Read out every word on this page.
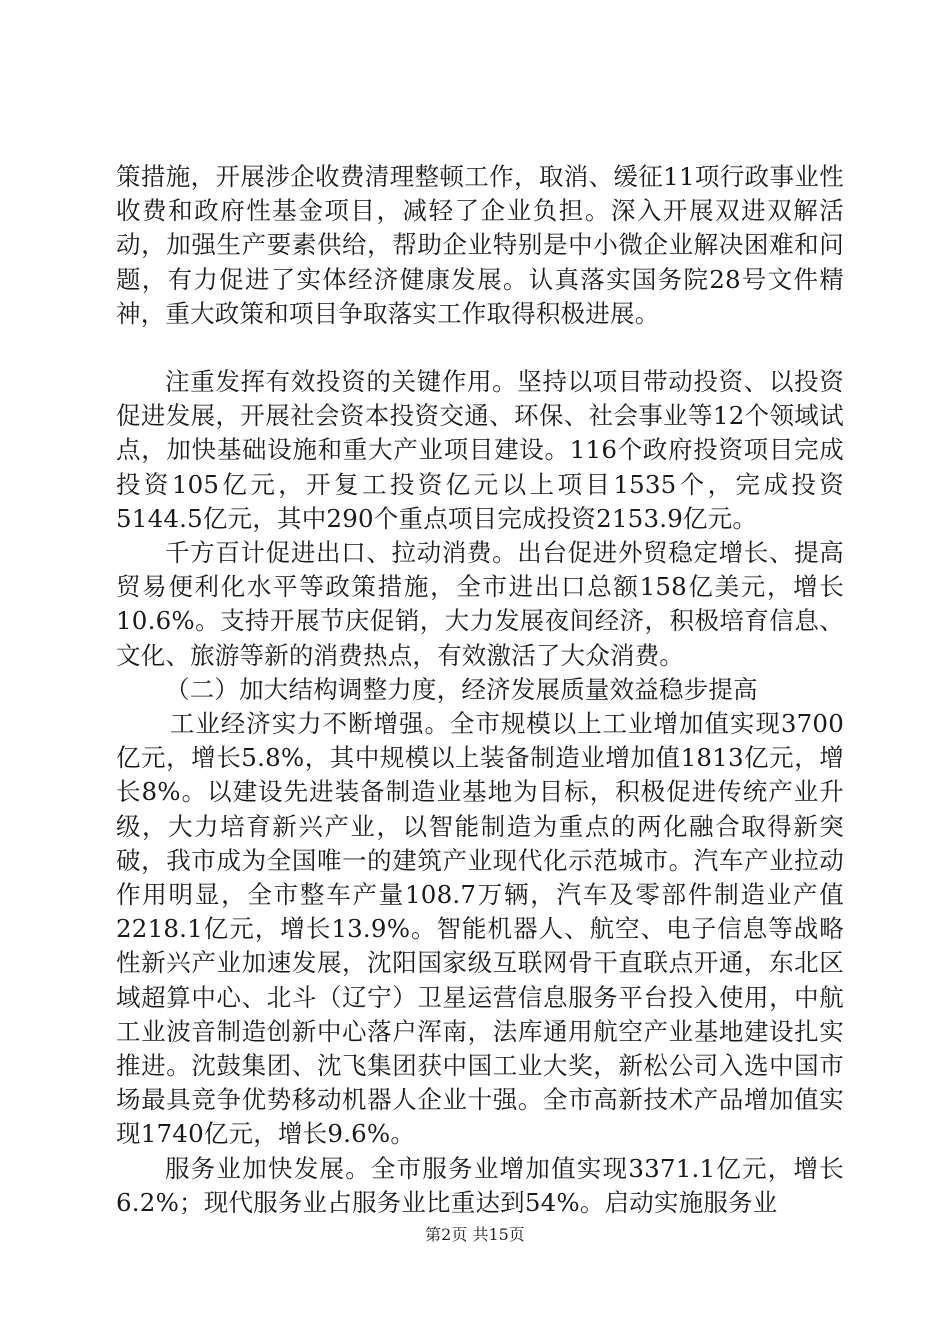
策措施，开展涉企收费清理整顿工作，取消、缓征11项行政事业性收费和政府性基金项目，减轻了企业负担。深入开展双进双解活动，加强生产要素供给，帮助企业特别是中小微企业解决困难和问题，有力促进了实体经济健康发展。认真落实国务院28号文件精神，重大政策和项目争取落实工作取得积极进展。

注重发挥有效投资的关键作用。坚持以项目带动投资、以投资促进发展，开展社会资本投资交通、环保、社会事业等12个领域试点，加快基础设施和重大产业项目建设。116个政府投资项目完成投资105亿元，开复工投资亿元以上项目1535个，完成投资5144.5亿元，其中290个重点项目完成投资2153.9亿元。

千方百计促进出口、拉动消费。出台促进外贸稳定增长、提高贸易便利化水平等政策措施，全市进出口总额158亿美元，增长10.6%。支持开展节庆促销，大力发展夜间经济，积极培育信息、文化、旅游等新的消费热点，有效激活了大众消费。

（二）加大结构调整力度，经济发展质量效益稳步提高

工业经济实力不断增强。全市规模以上工业增加值实现3700亿元，增长5.8%，其中规模以上装备制造业增加值1813亿元，增长8%。以建设先进装备制造业基地为目标，积极促进传统产业升级，大力培育新兴产业，以智能制造为重点的两化融合取得新突破，我市成为全国唯一的建筑产业现代化示范城市。汽车产业拉动作用明显，全市整车产量108.7万辆，汽车及零部件制造业产值2218.1亿元，增长13.9%。智能机器人、航空、电子信息等战略性新兴产业加速发展，沈阳国家级互联网骨干直联点开通，东北区域超算中心、北斗（辽宁）卫星运营信息服务平台投入使用，中航工业波音制造创新中心落户浑南，法库通用航空产业基地建设扎实推进。沈鼓集团、沈飞集团获中国工业大奖，新松公司入选中国市场最具竞争优势移动机器人企业十强。全市高新技术产品增加值实现1740亿元，增长9.6%。

服务业加快发展。全市服务业增加值实现3371.1亿元，增长6.2%；现代服务业占服务业比重达到54%。启动实施服务业

第2页 共15页
